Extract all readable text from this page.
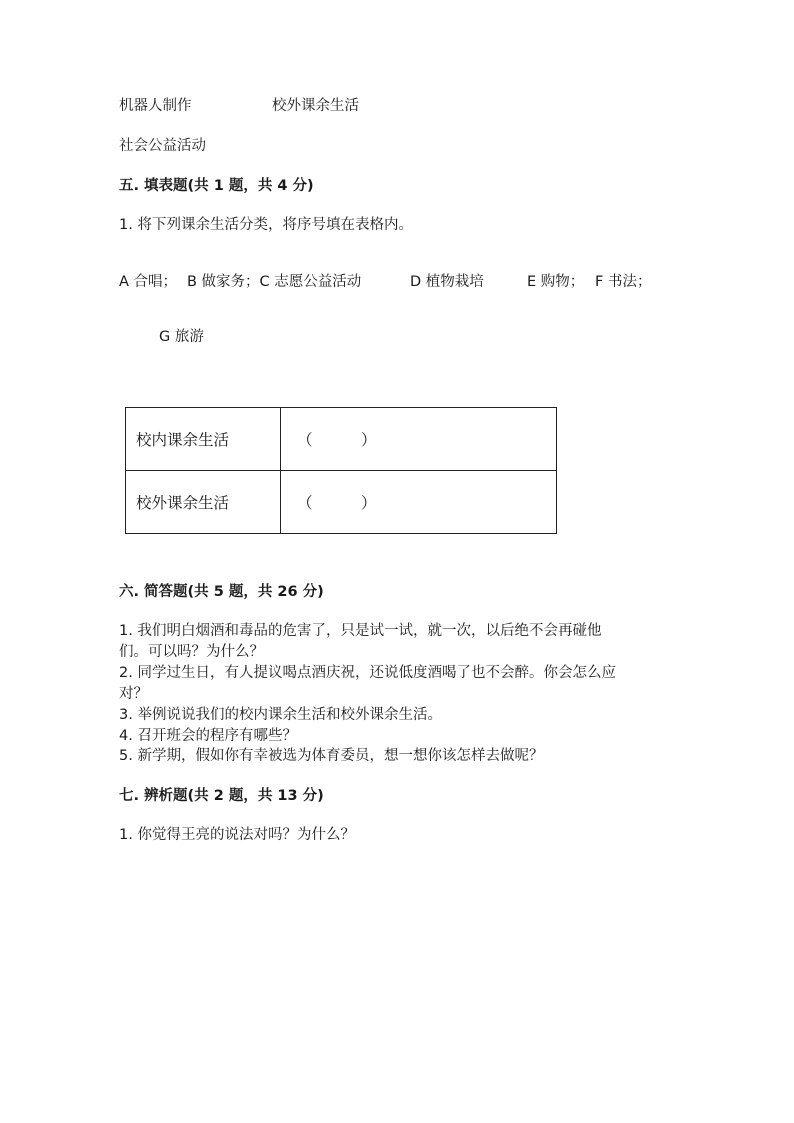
机器人制作	校外课余生活
社会公益活动
五. 填表题(共 1 题，共 4 分)
1. 将下列课余生活分类，将序号填在表格内。
A 合唱； B 做家务；C 志愿公益活动	D 植物栽培	E 购物； F 书法；
G 旅游
校内课余生活	（ ）
校外课余生活	（ ）
六. 简答题(共 5 题，共 26 分)
1. 我们明白烟酒和毒品的危害了，只是试一试，就一次，以后绝不会再碰他
们。可以吗？为什么？
2. 同学过生日，有人提议喝点酒庆祝，还说低度酒喝了也不会醉。你会怎么应
对？
3. 举例说说我们的校内课余生活和校外课余生活。
4. 召开班会的程序有哪些？
5. 新学期，假如你有幸被选为体育委员，想一想你该怎样去做呢？
七. 辨析题(共 2 题，共 13 分)
1. 你觉得王亮的说法对吗？为什么？
